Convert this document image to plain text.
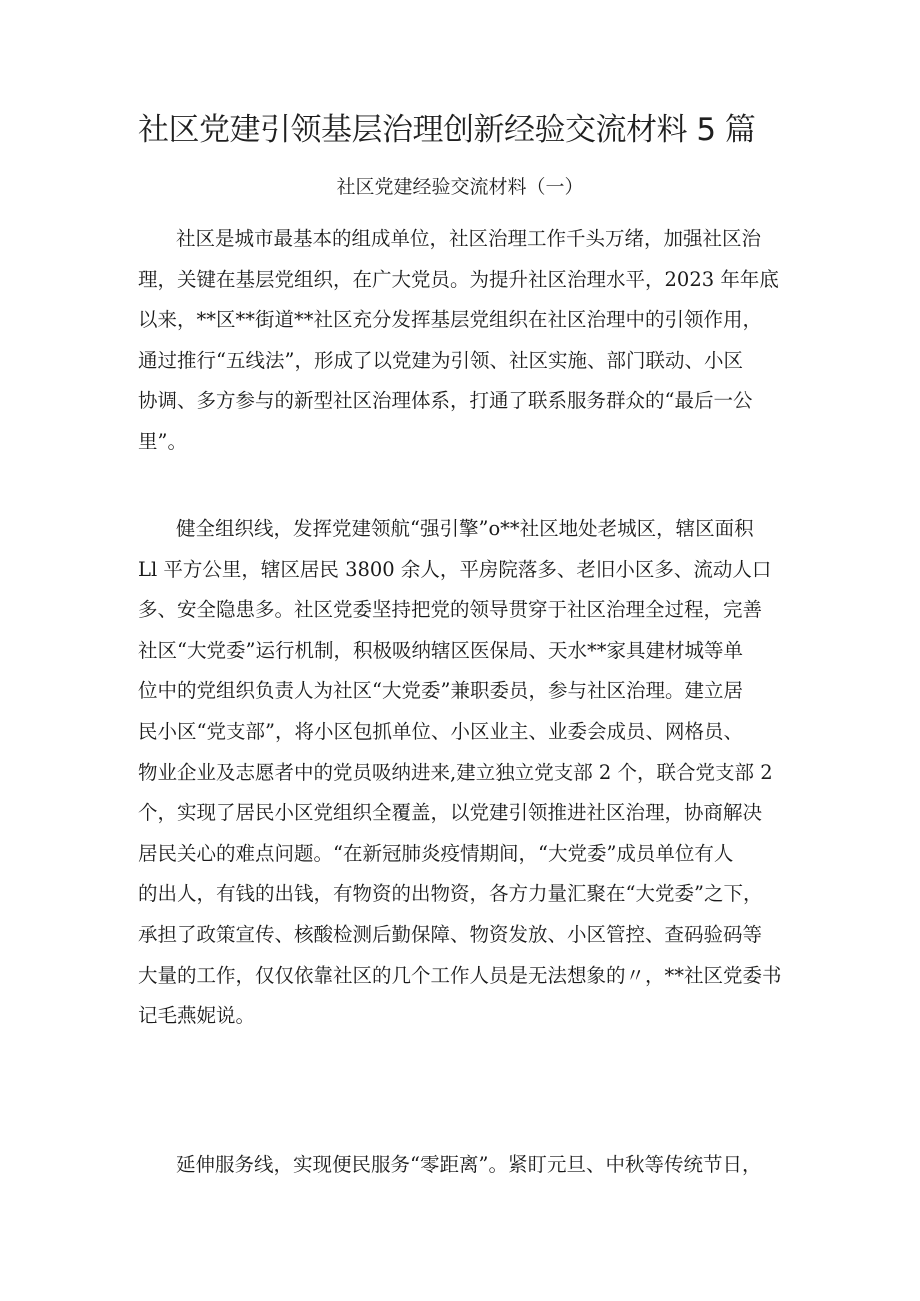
社区党建引领基层治理创新经验交流材料 5 篇

社区党建经验交流材料（一）

社区是城市最基本的组成单位，社区治理工作千头万绪，加强社区治
理，关键在基层党组织，在广大党员。为提升社区治理水平，2023 年年底
以来，**区**街道**社区充分发挥基层党组织在社区治理中的引领作用，
通过推行“五线法”，形成了以党建为引领、社区实施、部门联动、小区
协调、多方参与的新型社区治理体系，打通了联系服务群众的“最后一公
里”。
健全组织线，发挥党建领航“强引擎”o**社区地处老城区，辖区面积
Ll 平方公里，辖区居民 3800 余人，平房院落多、老旧小区多、流动人口
多、安全隐患多。社区党委坚持把党的领导贯穿于社区治理全过程，完善
社区“大党委”运行机制，积极吸纳辖区医保局、天水**家具建材城等单
位中的党组织负责人为社区“大党委”兼职委员，参与社区治理。建立居
民小区“党支部”，将小区包抓单位、小区业主、业委会成员、网格员、
物业企业及志愿者中的党员吸纳进来,建立独立党支部 2 个，联合党支部 2
个，实现了居民小区党组织全覆盖，以党建引领推进社区治理，协商解决
居民关心的难点问题。“在新冠肺炎疫情期间，“大党委”成员单位有人
的出人，有钱的出钱，有物资的出物资，各方力量汇聚在“大党委”之下，
承担了政策宣传、核酸检测后勤保障、物资发放、小区管控、查码验码等
大量的工作，仅仅依靠社区的几个工作人员是无法想象的〃，**社区党委书
记毛燕妮说。
延伸服务线，实现便民服务“零距离”。紧盯元旦、中秋等传统节日，
